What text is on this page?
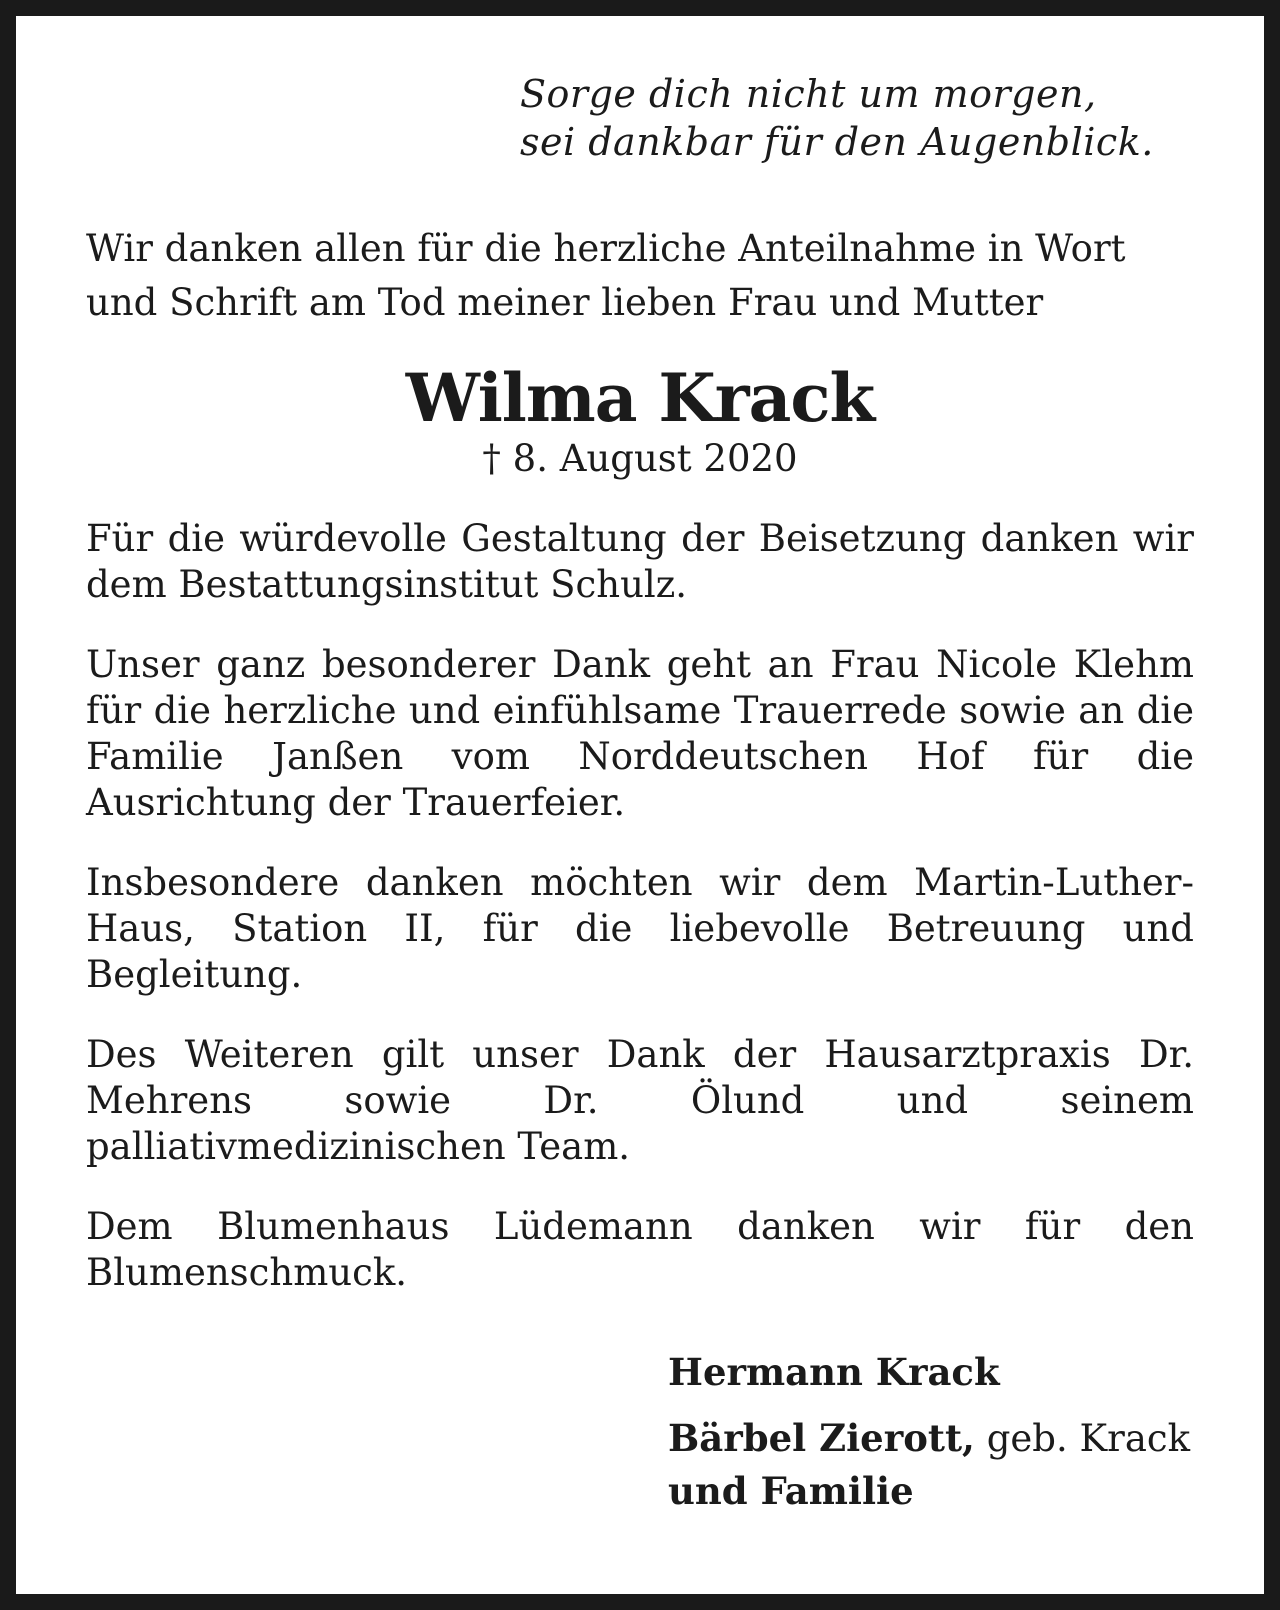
Sorge dich nicht um morgen,
sei dankbar für den Augenblick.
Wir danken allen für die herzliche Anteilnahme in Wort und Schrift am Tod meiner lieben Frau und Mutter
Wilma Krack
† 8. August 2020
Für die würdevolle Gestaltung der Beisetzung danken wir dem Bestattungsinstitut Schulz.
Unser ganz besonderer Dank geht an Frau Nicole Klehm für die herzliche und einfühlsame Trauerrede sowie an die Familie Janßen vom Norddeutschen Hof für die Ausrichtung der Trauerfeier.
Insbesondere danken möchten wir dem Martin-Luther-Haus, Station II, für die liebevolle Betreuung und Begleitung.
Des Weiteren gilt unser Dank der Hausarztpraxis Dr. Mehrens sowie Dr. Ölund und seinem palliativmedizinischen Team.
Dem Blumenhaus Lüdemann danken wir für den Blumenschmuck.
Hermann Krack
Bärbel Zierott, geb. Krack
und Familie
